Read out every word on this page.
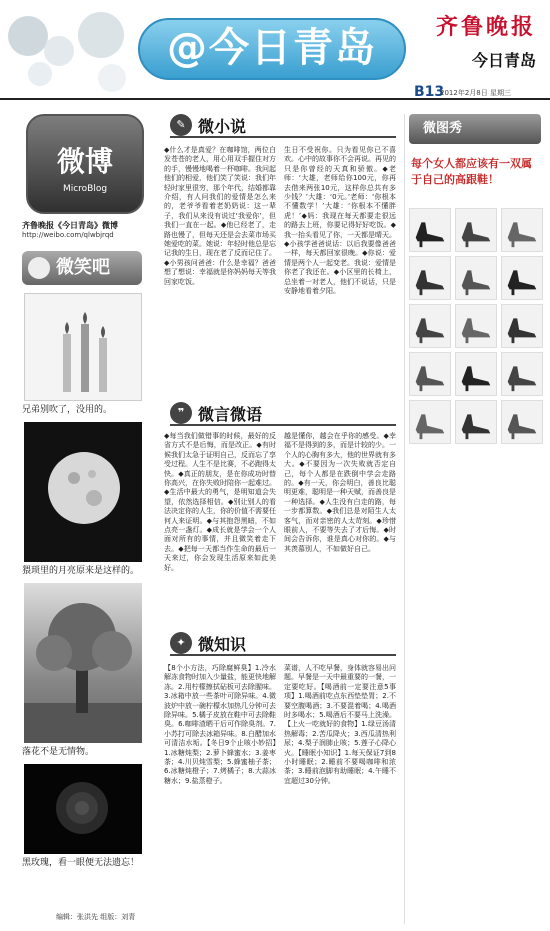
@今日青岛	齐鲁晚报
今日青岛
B13
2012年2月8日 星期三
微博
MicroBlog
齐鲁晚报《今日青岛》微博
http://weibo.com/qlwbjrqd
微笑吧
兄弟别吹了，没用的。
猥琐里的月亮原来是这样的。
落花不是无情物。
黑玫瑰，看一眼便无法遗忘！
编辑：张洪先 组版：刘青
✎ 微小说

◆什么才是真爱？在咖啡馆，两位白发苍苍的老人，用心用双手握住对方的手，慢慢地喝着一杯咖啡。我问起他们的相爱，他们笑了笑说：我们年轻时家里很穷，那个年代，结婚都靠介绍，有人问我们的爱情是怎么来的，老爷爷看着老奶奶说：这一辈子，我们从来没有说过‘我爱你’，但我们一直在一起。◆他已经老了，走路也慢了，但每天还是会去菜市场买她爱吃的菜。她说：年轻时他总是忘记我的生日，现在老了反而记住了。◆小男孩问爸爸：什么是幸福？爸爸想了想说：幸福就是你妈妈每天等我回家吃饭。

生日不受祝你。只为看见你已不喜欢。心中的故事你不会再说。再见的只是你曾经的天真和骄傲。◆老师：‘大雄，老师给你100元，你再去借来两张10元，这样你总共有多少钱？’大雄：‘0元。’老师：‘你根本不懂数学！’大雄：‘你根本不懂胖虎！’◆妈：我现在每天都要走很远的路去上班，你要记得好好吃饭。◆我一抬头看见了你，一天都是晴天。◆小孩学爸爸说话：以后我要像爸爸一样，每天都回家很晚。◆你说：爱情是两个人一起变老。我说：爱情是你老了我还在。◆小区里的长椅上，总坐着一对老人，他们不说话，只是安静地看着夕阳。

❞ 微言微语

◆每当我们做错事的时候，最好的反省方式不是后悔，而是改正。◆有时候我们太急于证明自己，反而忘了享受过程。人生不是比赛，不必跑得太快。◆真正的朋友，是在你成功时替你高兴，在你失败时陪你一起难过。◆生活中最大的勇气，是明知道会失望，依然选择相信。◆别让别人的看法决定你的人生，你的价值不需要任何人来证明。◆与其抱怨黑暗，不如点亮一盏灯。◆成长就是学会一个人面对所有的事情，并且微笑着走下去。◆把每一天都当作生命的最后一天来过，你会发现生活原来如此美好。

越是懂你，越会在乎你的感受。◆幸福不是得到的多，而是计较的少。一个人的心胸有多大，他的世界就有多大。◆不要因为一次失败就否定自己，每个人都是在跌倒中学会走路的。◆有一天，你会明白，善良比聪明更难，聪明是一种天赋，而善良是一种选择。◆人生没有白走的路，每一步都算数。◆我们总是对陌生人太客气，而对亲密的人太苛刻。◆珍惜眼前人，不要等失去了才后悔。◆时间会告诉你，谁是真心对你的。◆与其羡慕别人，不如做好自己。

✦ 微知识

【8个小方法，巧除腐鲜臭】1.冷水解冻食物时加入少量盐，能更快地解冻。2.用柠檬擦拭砧板可去除腥味。3.冰箱中放一些茶叶可除异味。4.微波炉中放一碗柠檬水加热几分钟可去除异味。5.橘子皮放在鞋中可去除鞋臭。6.咖啡渣晒干后可作除臭剂。7.小苏打可除去冰箱异味。8.白醋加水可清洁水垢。【冬日9个止咳小妙招】1.冰糖炖梨；2.萝卜蜂蜜水；3.姜枣茶；4.川贝炖雪梨；5.蜂蜜柚子茶；6.冰糖炖橙子；7.烤橘子；8.大蒜冰糖水；9.盐蒸橙子。

菜谱，人不吃早餐，身体就容易出问题。早餐是一天中最重要的一餐，一定要吃好。【喝酒前一定要注意5事项】1.喝酒前吃点东西垫垫胃；2.不要空腹喝酒；3.不要混着喝；4.喝酒时多喝水；5.喝酒后不要马上洗澡。【上火一吃就好的食物】1.绿豆汤清热解毒；2.苦瓜降火；3.西瓜清热利尿；4.梨子润肺止咳；5.莲子心降心火。【睡眠小知识】1.每天保证7到8小时睡眠；2.睡前不要喝咖啡和浓茶；3.睡前泡脚有助睡眠；4.午睡不宜超过30分钟。

微图秀
每个女人都应该有一双属于自己的高跟鞋！
